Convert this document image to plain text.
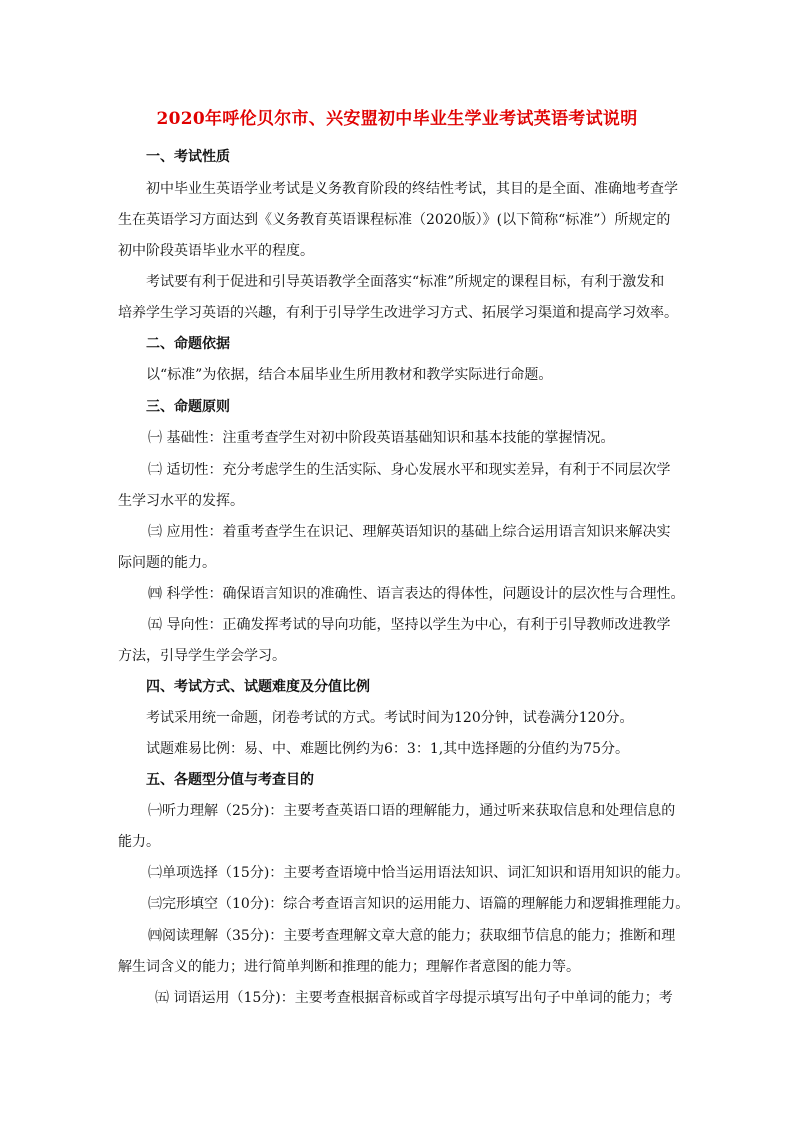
2020年呼伦贝尔市、兴安盟初中毕业生学业考试英语考试说明

一、考试性质

初中毕业生英语学业考试是义务教育阶段的终结性考试，其目的是全面、准确地考查学

生在英语学习方面达到《义务教育英语课程标准（2020版）》(以下简称“标准”）所规定的

初中阶段英语毕业水平的程度。

考试要有利于促进和引导英语教学全面落实“标准”所规定的课程目标，有利于激发和

培养学生学习英语的兴趣，有利于引导学生改进学习方式、拓展学习渠道和提高学习效率。

二、命题依据

以“标准”为依据，结合本届毕业生所用教材和教学实际进行命题。

三、命题原则

㈠ 基础性：注重考查学生对初中阶段英语基础知识和基本技能的掌握情况。

㈡ 适切性：充分考虑学生的生活实际、身心发展水平和现实差异，有利于不同层次学

生学习水平的发挥。

㈢ 应用性：着重考查学生在识记、理解英语知识的基础上综合运用语言知识来解决实

际问题的能力。

㈣ 科学性：确保语言知识的准确性、语言表达的得体性，问题设计的层次性与合理性。

㈤ 导向性：正确发挥考试的导向功能，坚持以学生为中心，有利于引导教师改进教学

方法，引导学生学会学习。

四、考试方式、试题难度及分值比例

考试采用统一命题，闭卷考试的方式。考试时间为120分钟，试卷满分120分。

试题难易比例：易、中、难题比例约为6：3：1,其中选择题的分值约为75分。

五、各题型分值与考查目的

㈠听力理解（25分)：主要考查英语口语的理解能力，通过听来获取信息和处理信息的

能力。

㈡单项选择（15分)：主要考查语境中恰当运用语法知识、词汇知识和语用知识的能力。

㈢完形填空（10分)：综合考查语言知识的运用能力、语篇的理解能力和逻辑推理能力。

㈣阅读理解（35分)：主要考查理解文章大意的能力；获取细节信息的能力；推断和理

解生词含义的能力；进行简单判断和推理的能力；理解作者意图的能力等。

㈤ 词语运用（15分)：主要考查根据音标或首字母提示填写出句子中单词的能力；考
